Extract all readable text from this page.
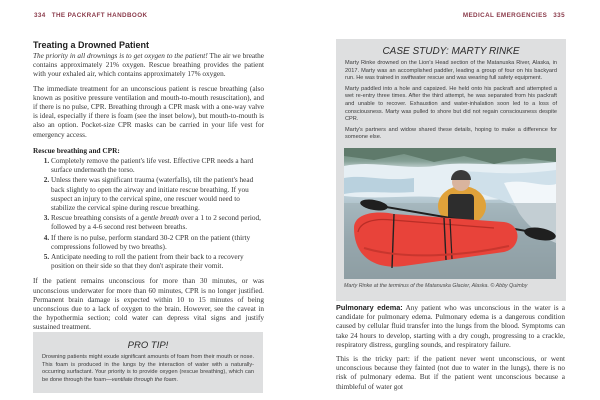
334 THE PACKRAFT HANDBOOK
Treating a Drowned Patient

The priority in all drownings is to get oxygen to the patient! The air we breathe contains approximately 21% oxygen. Rescue breathing provides the patient with your exhaled air, which contains approximately 17% oxygen.

The immediate treatment for an unconscious patient is rescue breathing (also known as positive pressure ventilation and mouth-to-mouth resuscitation), and if there is no pulse, CPR. Breathing through a CPR mask with a one-way valve is ideal, especially if there is foam (see the inset below), but mouth-to-mouth is also an option. Pocket-size CPR masks can be carried in your life vest for emergency access.

Rescue breathing and CPR:
1. Completely remove the patient's life vest. Effective CPR needs a hard surface underneath the torso.
2. Unless there was significant trauma (waterfalls), tilt the patient's head back slightly to open the airway and initiate rescue breathing. If you suspect an injury to the cervical spine, one rescuer would need to stabilize the cervical spine during rescue breathing.
3. Rescue breathing consists of a gentle breath over a 1 to 2 second period, followed by a 4-6 second rest between breaths.
4. If there is no pulse, perform standard 30-2 CPR on the patient (thirty compressions followed by two breaths).
5. Anticipate needing to roll the patient from their back to a recovery position on their side so that they don't aspirate their vomit.

If the patient remains unconscious for more than 30 minutes, or was unconscious underwater for more than 60 minutes, CPR is no longer justified. Permanent brain damage is expected within 10 to 15 minutes of being unconscious due to a lack of oxygen to the brain. However, see the caveat in the hypothermia section; cold water can depress vital signs and justify sustained treatment.

PRO TIP!

Drowning patients might exude significant amounts of foam from their mouth or nose. This foam is produced in the lungs by the interaction of water with a naturally-occurring surfactant. Your priority is to provide oxygen (rescue breathing), which can be done through the foam—ventilate through the foam.

MEDICAL EMERGENCIES 335

Pulmonary edema: Any patient who was unconscious in the water is a candidate for pulmonary edema. Pulmonary edema is a dangerous condition caused by cellular fluid transfer into the lungs from the blood. Symptoms can take 24 hours to develop, starting with a dry cough, progressing to a crackle, respiratory distress, gurgling sounds, and respiratory failure.

This is the tricky part: if the patient never went unconscious, or went unconscious because they fainted (not due to water in the lungs), there is no risk of pulmonary edema. But if the patient went unconscious because a thimbleful of water got

CASE STUDY: MARTY RINKE

Marty Rinke drowned on the Lion's Head section of the Matanuska River, Alaska, in 2017. Marty was an accomplished paddler, leading a group of four on his backyard run. He was trained in swiftwater rescue and was wearing full safety equipment.

Marty paddled into a hole and capsized. He held onto his packraft and attempted a wet re-entry three times. After the third attempt, he was separated from his packraft and unable to recover. Exhaustion and water-inhalation soon led to a loss of consciousness. Marty was pulled to shore but did not regain consciousness despite CPR.

Marty's partners and widow shared these details, hoping to make a difference for someone else.

Marty Rinke at the terminus of the Matanuska Glacier, Alaska. © Abby Quimby
